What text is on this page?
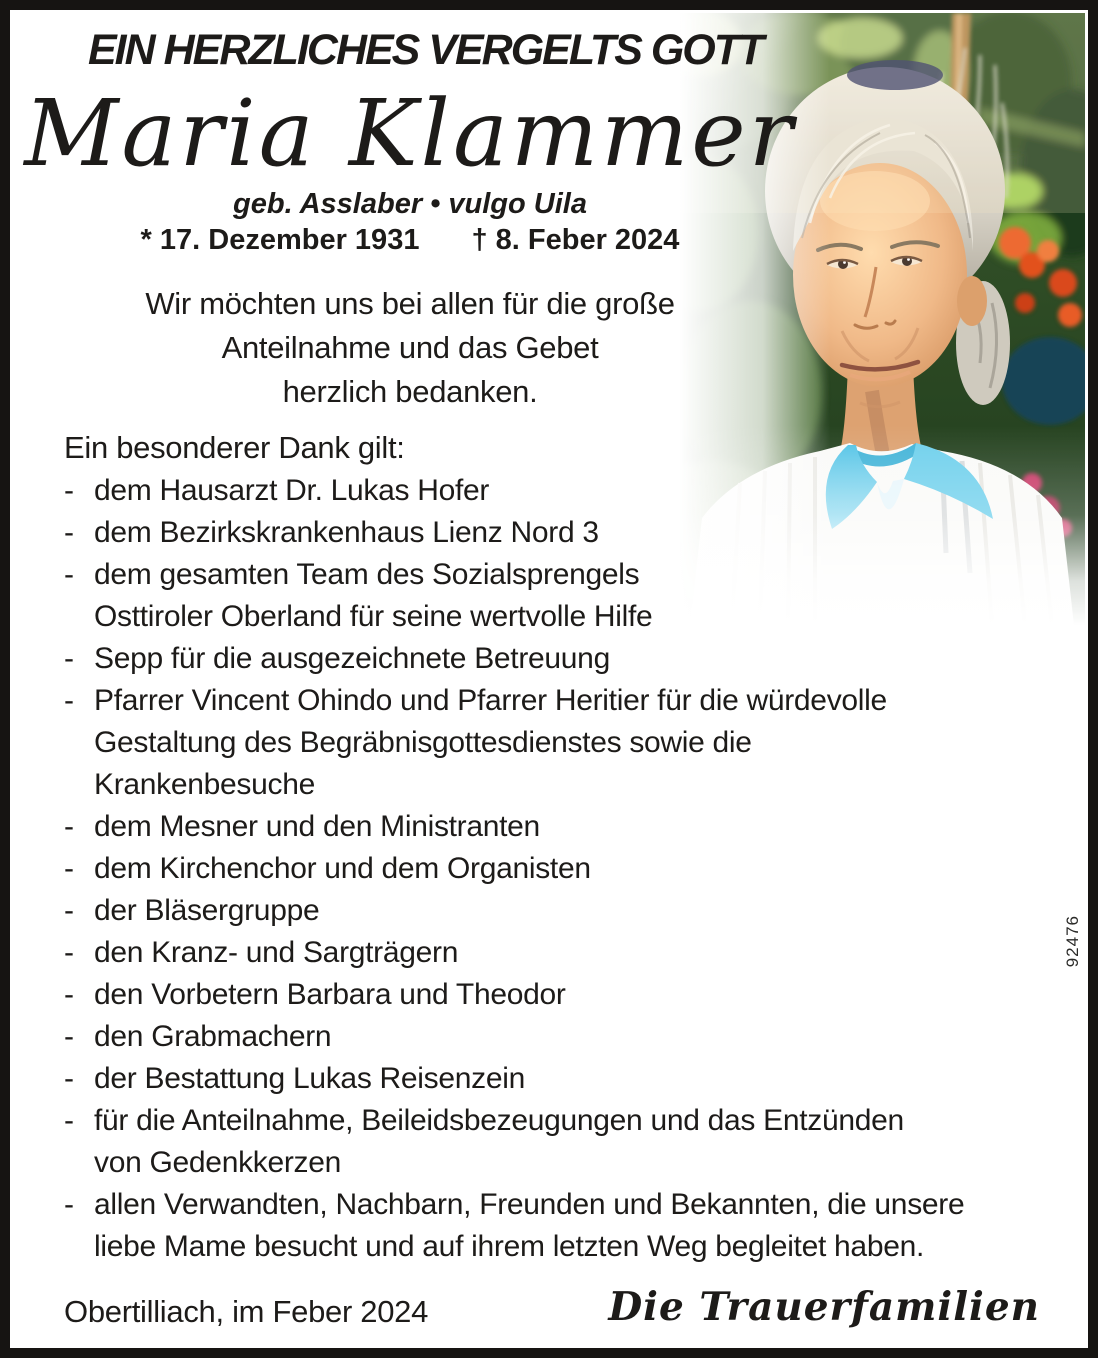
EIN HERZLICHES VERGELTS GOTT
Maria Klammer
geb. Asslaber • vulgo Uila
* 17. Dezember 1931 † 8. Feber 2024
Wir möchten uns bei allen für die große
Anteilnahme und das Gebet
herzlich bedanken.
Ein besonderer Dank gilt:
- dem Hausarzt Dr. Lukas Hofer
- dem Bezirkskrankenhaus Lienz Nord 3
- dem gesamten Team des Sozialsprengels
Osttiroler Oberland für seine wertvolle Hilfe
- Sepp für die ausgezeichnete Betreuung
- Pfarrer Vincent Ohindo und Pfarrer Heritier für die würdevolle
Gestaltung des Begräbnisgottesdienstes sowie die
Krankenbesuche
- dem Mesner und den Ministranten
- dem Kirchenchor und dem Organisten
- der Bläsergruppe
- den Kranz- und Sargträgern
- den Vorbetern Barbara und Theodor
- den Grabmachern
- der Bestattung Lukas Reisenzein
- für die Anteilnahme, Beileidsbezeugungen und das Entzünden
von Gedenkkerzen
- allen Verwandten, Nachbarn, Freunden und Bekannten, die unsere
liebe Mame besucht und auf ihrem letzten Weg begleitet haben.
Obertilliach, im Feber 2024	Die Trauerfamilien
92476
